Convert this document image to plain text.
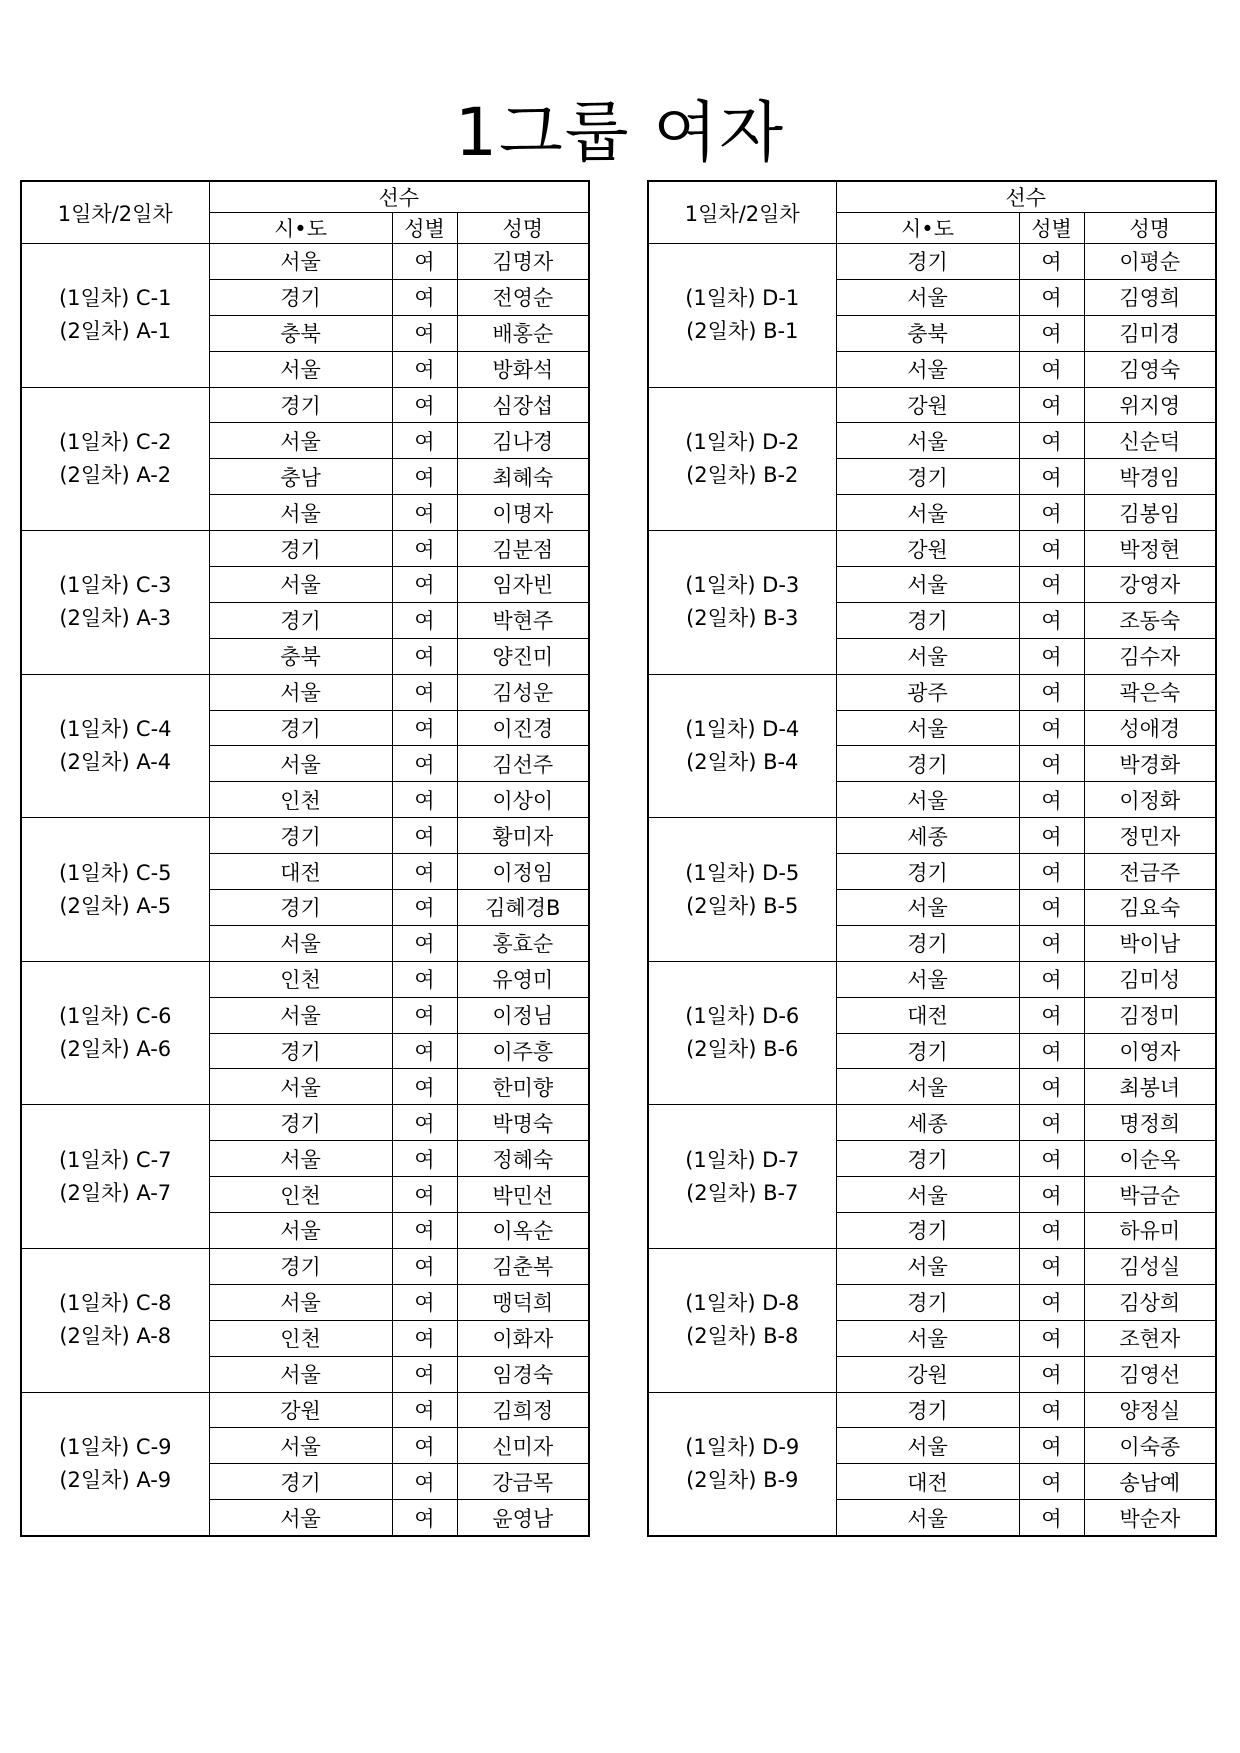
1그룹 여자
1일차/2일차	선수		
	시•도	성별	성명

(1일차) C-1
(2일차) A-1	서울	여	김명자
	경기	여	전영순
	충북	여	배홍순
	서울	여	방화석

(1일차) C-2
(2일차) A-2	경기	여	심장섭
	서울	여	김나경
	충남	여	최혜숙
	서울	여	이명자

(1일차) C-3
(2일차) A-3	경기	여	김분점
	서울	여	임자빈
	경기	여	박현주
	충북	여	양진미

(1일차) C-4
(2일차) A-4	서울	여	김성운
	경기	여	이진경
	서울	여	김선주
	인천	여	이상이

(1일차) C-5
(2일차) A-5	경기	여	황미자
	대전	여	이정임
	경기	여	김혜경B
	서울	여	홍효순

(1일차) C-6
(2일차) A-6	인천	여	유영미
	서울	여	이정님
	경기	여	이주흥
	서울	여	한미향

(1일차) C-7
(2일차) A-7	경기	여	박명숙
	서울	여	정혜숙
	인천	여	박민선
	서울	여	이옥순

(1일차) C-8
(2일차) A-8	경기	여	김춘복
	서울	여	맹덕희
	인천	여	이화자
	서울	여	임경숙

(1일차) C-9
(2일차) A-9	강원	여	김희정
	서울	여	신미자
	경기	여	강금목
	서울	여	윤영남
1일차/2일차	선수		
	시•도	성별	성명

(1일차) D-1
(2일차) B-1	경기	여	이평순
	서울	여	김영희
	충북	여	김미경
	서울	여	김영숙

(1일차) D-2
(2일차) B-2	강원	여	위지영
	서울	여	신순덕
	경기	여	박경임
	서울	여	김봉임

(1일차) D-3
(2일차) B-3	강원	여	박정현
	서울	여	강영자
	경기	여	조동숙
	서울	여	김수자

(1일차) D-4
(2일차) B-4	광주	여	곽은숙
	서울	여	성애경
	경기	여	박경화
	서울	여	이정화

(1일차) D-5
(2일차) B-5	세종	여	정민자
	경기	여	전금주
	서울	여	김요숙
	경기	여	박이남

(1일차) D-6
(2일차) B-6	서울	여	김미성
	대전	여	김정미
	경기	여	이영자
	서울	여	최봉녀

(1일차) D-7
(2일차) B-7	세종	여	명정희
	경기	여	이순옥
	서울	여	박금순
	경기	여	하유미

(1일차) D-8
(2일차) B-8	서울	여	김성실
	경기	여	김상희
	서울	여	조현자
	강원	여	김영선

(1일차) D-9
(2일차) B-9	경기	여	양정실
	서울	여	이숙종
	대전	여	송남예
	서울	여	박순자
